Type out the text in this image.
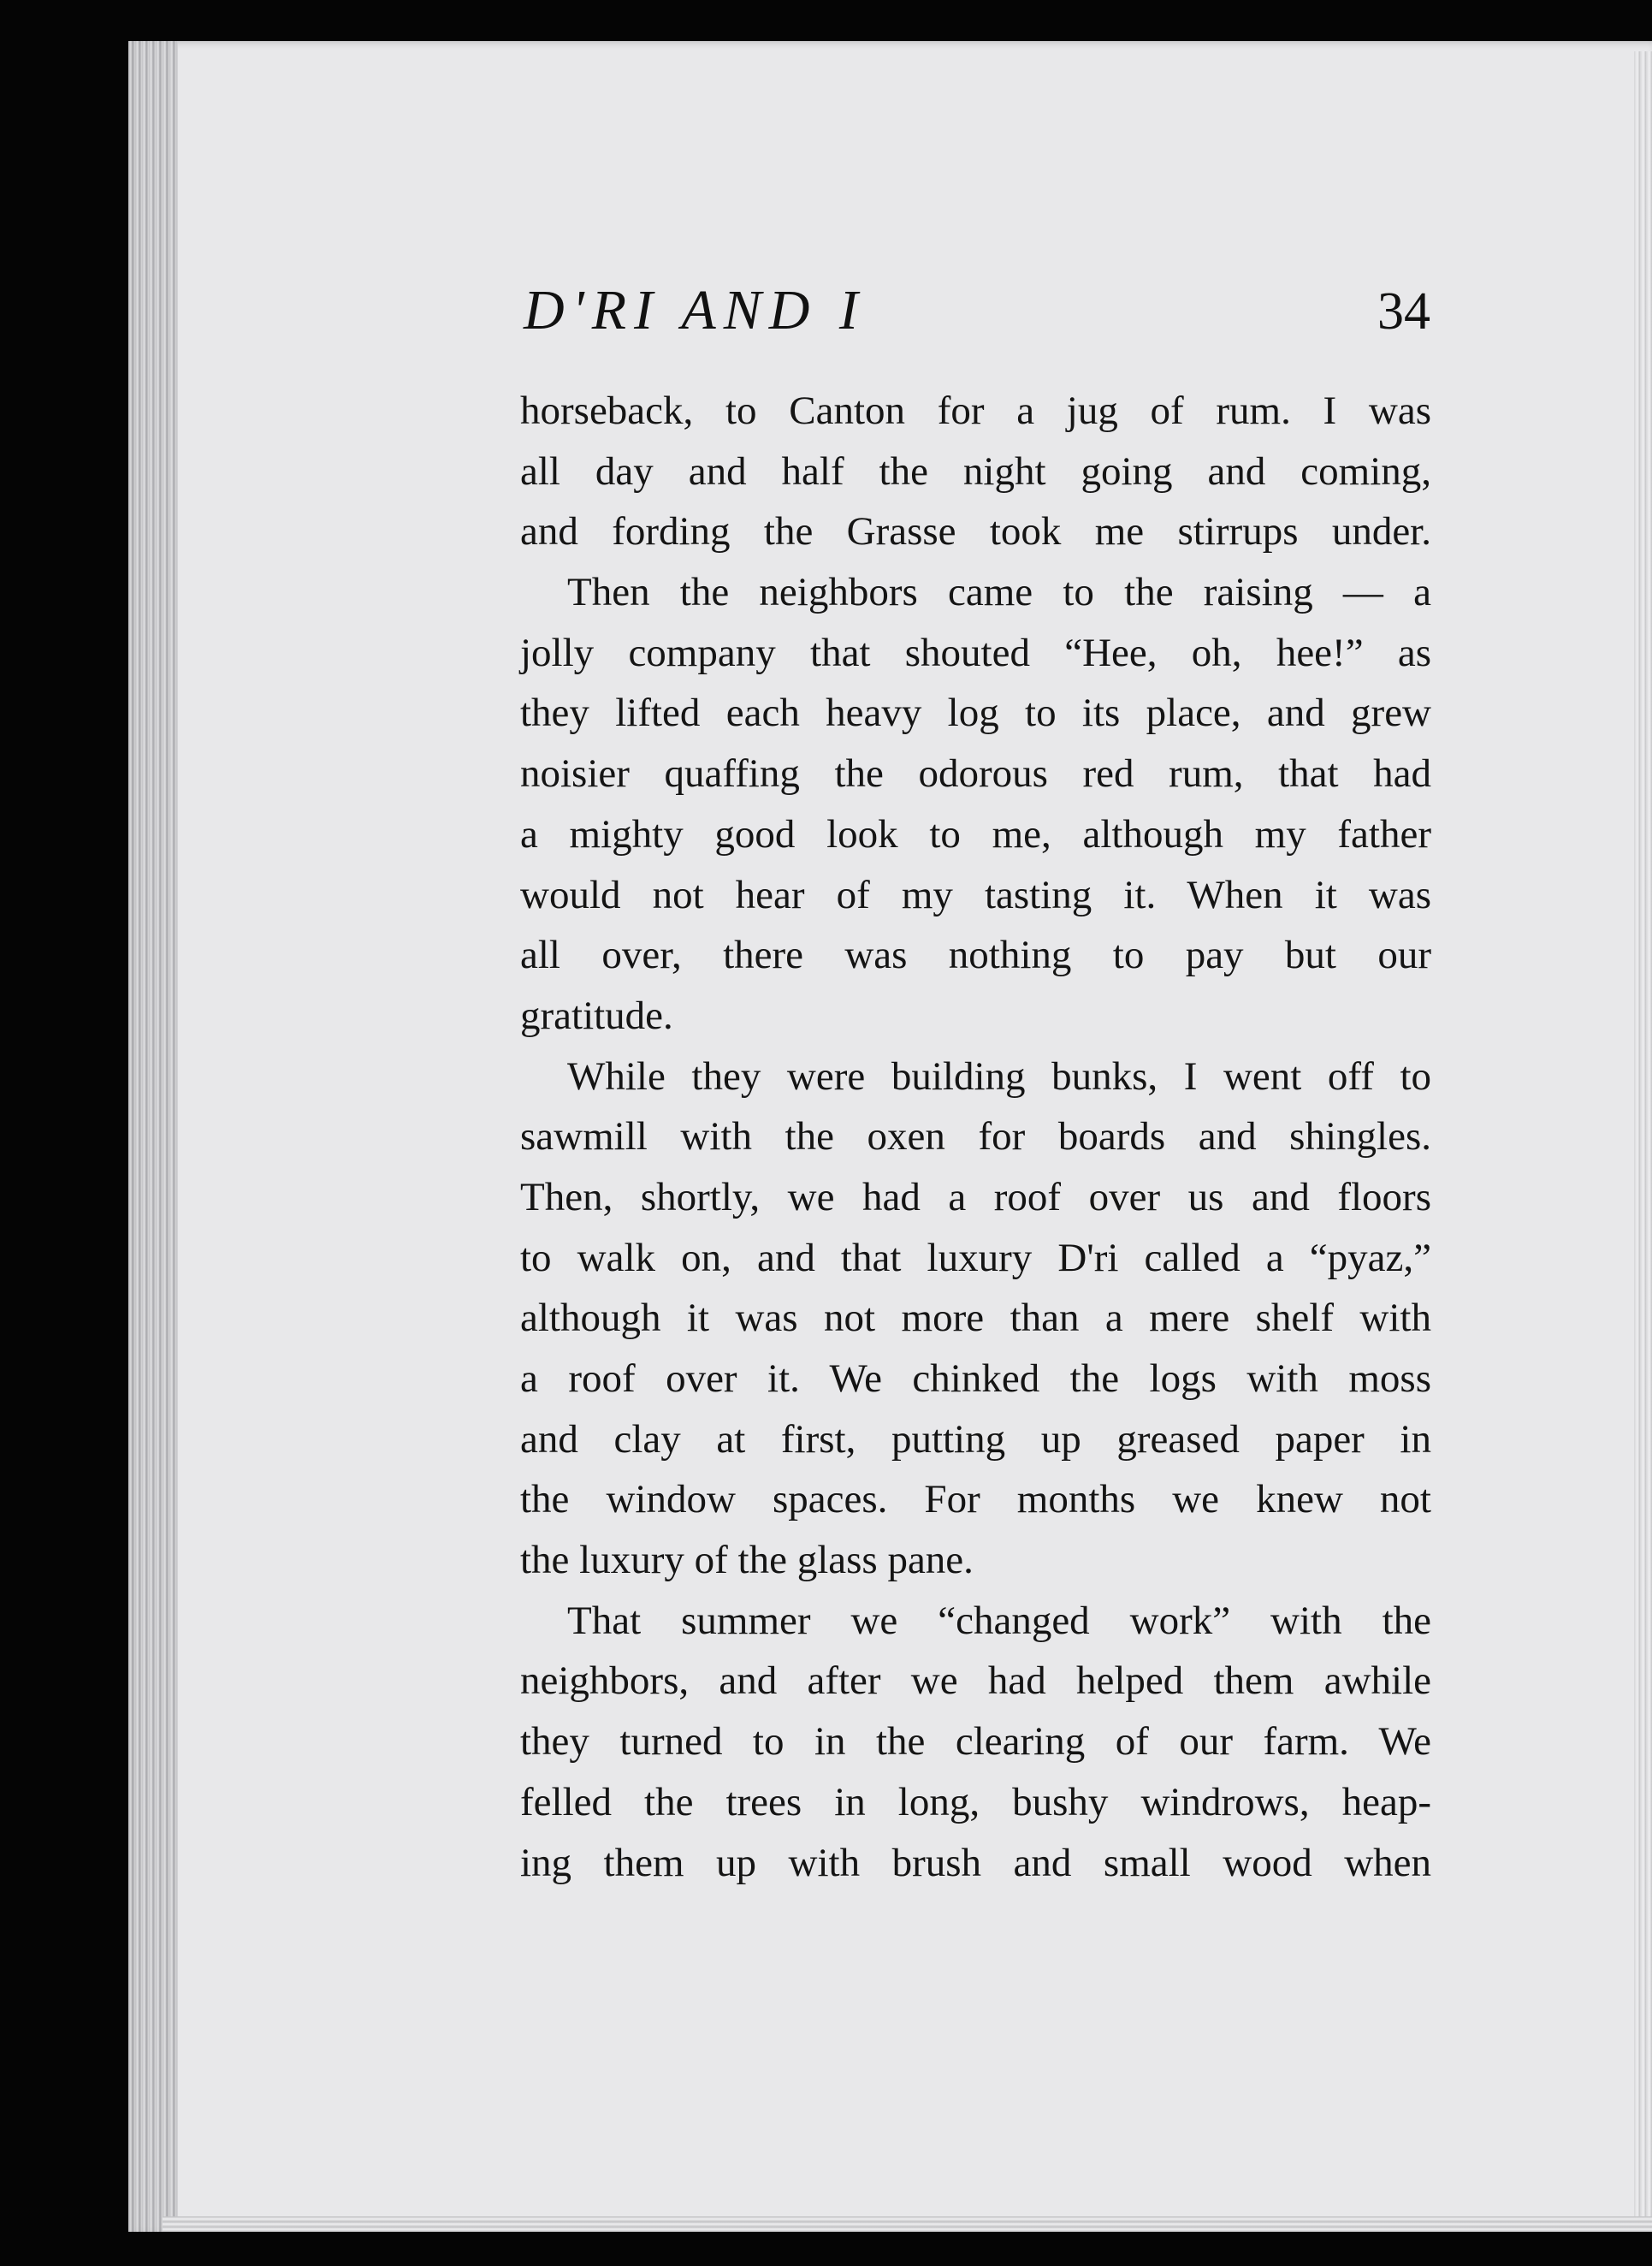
D'RI AND I	34
horseback, to Canton for a jug of rum. I was
all day and half the night going and coming,
and fording the Grasse took me stirrups under.
Then the neighbors came to the raising — a
jolly company that shouted “Hee, oh, hee!” as
they lifted each heavy log to its place, and grew
noisier quaffing the odorous red rum, that had
a mighty good look to me, although my father
would not hear of my tasting it. When it was
all over, there was nothing to pay but our
gratitude.
While they were building bunks, I went off to
sawmill with the oxen for boards and shingles.
Then, shortly, we had a roof over us and floors
to walk on, and that luxury D'ri called a “pyaz,”
although it was not more than a mere shelf with
a roof over it. We chinked the logs with moss
and clay at first, putting up greased paper in
the window spaces. For months we knew not
the luxury of the glass pane.
That summer we “changed work” with the
neighbors, and after we had helped them awhile
they turned to in the clearing of our farm. We
felled the trees in long, bushy windrows, heap-
ing them up with brush and small wood when
